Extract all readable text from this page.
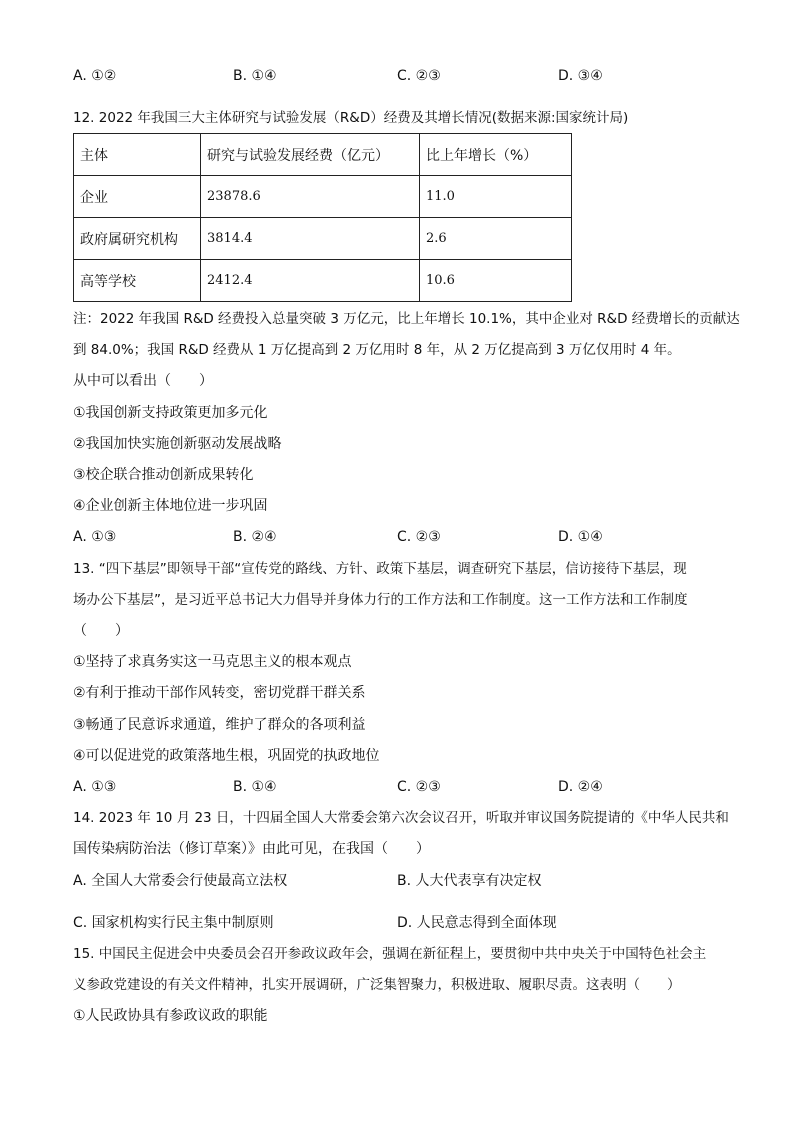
A. ①②	B. ①④	C. ②③	D. ③④
12. 2022 年我国三大主体研究与试验发展（R&D）经费及其增长情况(数据来源:国家统计局)
主体	研究与试验发展经费（亿元）	比上年增长（%）
企业	23878.6	11.0
政府属研究机构	3814.4	2.6
高等学校	2412.4	10.6
注：2022 年我国 R&D 经费投入总量突破 3 万亿元，比上年增长 10.1%，其中企业对 R&D 经费增长的贡献达
到 84.0%；我国 R&D 经费从 1 万亿提高到 2 万亿用时 8 年，从 2 万亿提高到 3 万亿仅用时 4 年。
从中可以看出（　　）
①我国创新支持政策更加多元化
②我国加快实施创新驱动发展战略
③校企联合推动创新成果转化
④企业创新主体地位进一步巩固
A. ①③	B. ②④	C. ②③	D. ①④
13. “四下基层”即领导干部“宣传党的路线、方针、政策下基层，调查研究下基层，信访接待下基层，现
场办公下基层”，是习近平总书记大力倡导并身体力行的工作方法和工作制度。这一工作方法和工作制度
（　　）
①坚持了求真务实这一马克思主义的根本观点
②有利于推动干部作风转变，密切党群干群关系
③畅通了民意诉求通道，维护了群众的各项利益
④可以促进党的政策落地生根，巩固党的执政地位
A. ①③	B. ①④	C. ②③	D. ②④
14. 2023 年 10 月 23 日，十四届全国人大常委会第六次会议召开，听取并审议国务院提请的《中华人民共和
国传染病防治法（修订草案）》由此可见，在我国（　　）
A. 全国人大常委会行使最高立法权	B. 人大代表享有决定权
C. 国家机构实行民主集中制原则	D. 人民意志得到全面体现
15. 中国民主促进会中央委员会召开参政议政年会，强调在新征程上，要贯彻中共中央关于中国特色社会主
义参政党建设的有关文件精神，扎实开展调研，广泛集智聚力，积极进取、履职尽责。这表明（　　）
①人民政协具有参政议政的职能
